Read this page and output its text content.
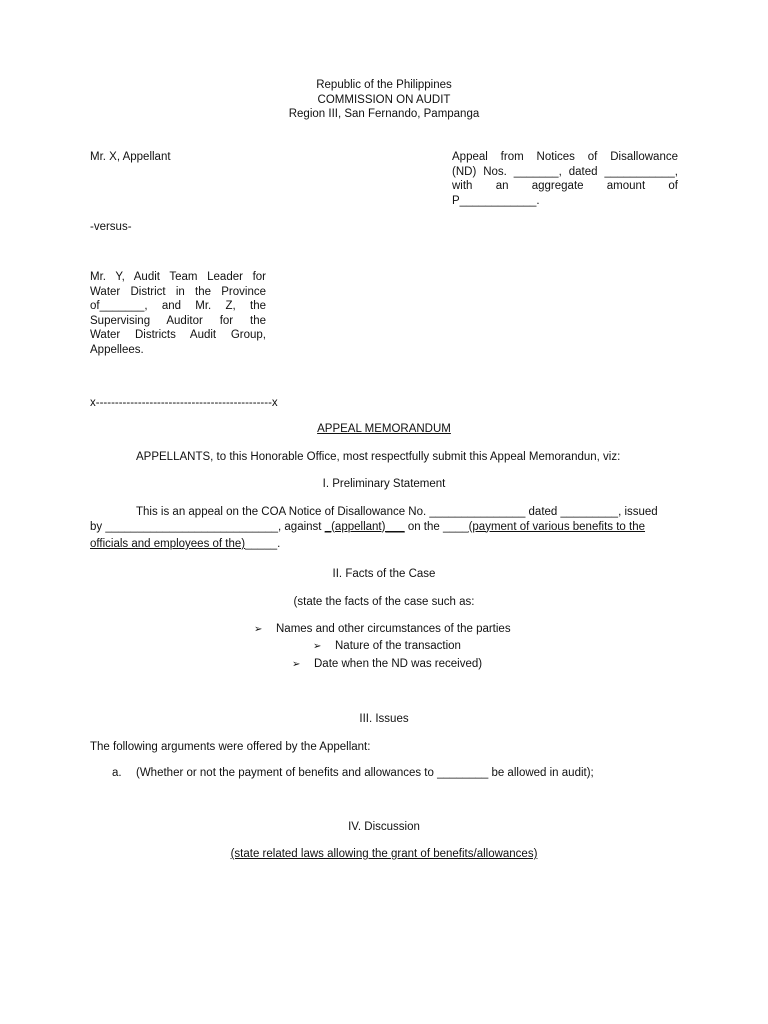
Republic of the Philippines
COMMISSION ON AUDIT
Region III, San Fernando, Pampanga
Mr. X, Appellant	Appeal from Notices of Disallowance
(ND) Nos. _______, dated ___________,
with an aggregate amount of
P____________.
-versus-
Mr. Y, Audit Team Leader for
Water District in the Province
of_______, and Mr. Z, the
Supervising Auditor for the
Water Districts Audit Group,
Appellees.
x----------------------------------------------x
APPEAL MEMORANDUM
APPELLANTS, to this Honorable Office, most respectfully submit this Appeal Memorandun, viz:
I. Preliminary Statement
This is an appeal on the COA Notice of Disallowance No. _______________ dated _________, issued
by ___________________________, against _(appellant)___ on the ____(payment of various benefits to the
officials and employees of the)_____.
II. Facts of the Case
(state the facts of the case such as:
➢ Names and other circumstances of the parties
➢ Nature of the transaction
➢ Date when the ND was received)
III. Issues
The following arguments were offered by the Appellant:
a. (Whether or not the payment of benefits and allowances to ________ be allowed in audit);
IV. Discussion
(state related laws allowing the grant of benefits/allowances)
